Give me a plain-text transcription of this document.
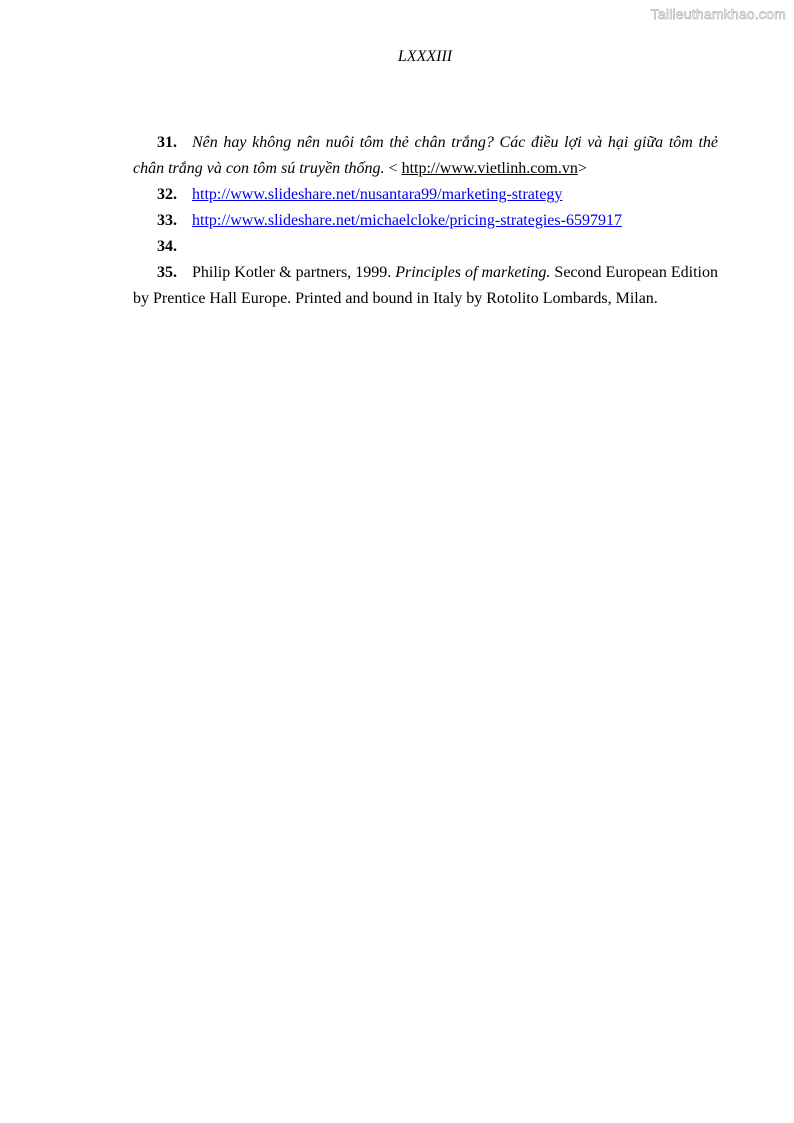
Tailieuthamkhao.com
LXXXIII

31. Nên hay không nên nuôi tôm thẻ chân trắng? Các điều lợi và hại giữa tôm thẻ chân trắng và con tôm sú truyền thống. < http://www.vietlinh.com.vn>

32. http://www.slideshare.net/nusantara99/marketing-strategy

33. http://www.slideshare.net/michaelcloke/pricing-strategies-6597917

34.

35. Philip Kotler & partners, 1999. Principles of marketing. Second European Edition by Prentice Hall Europe. Printed and bound in Italy by Rotolito Lombards, Milan.
